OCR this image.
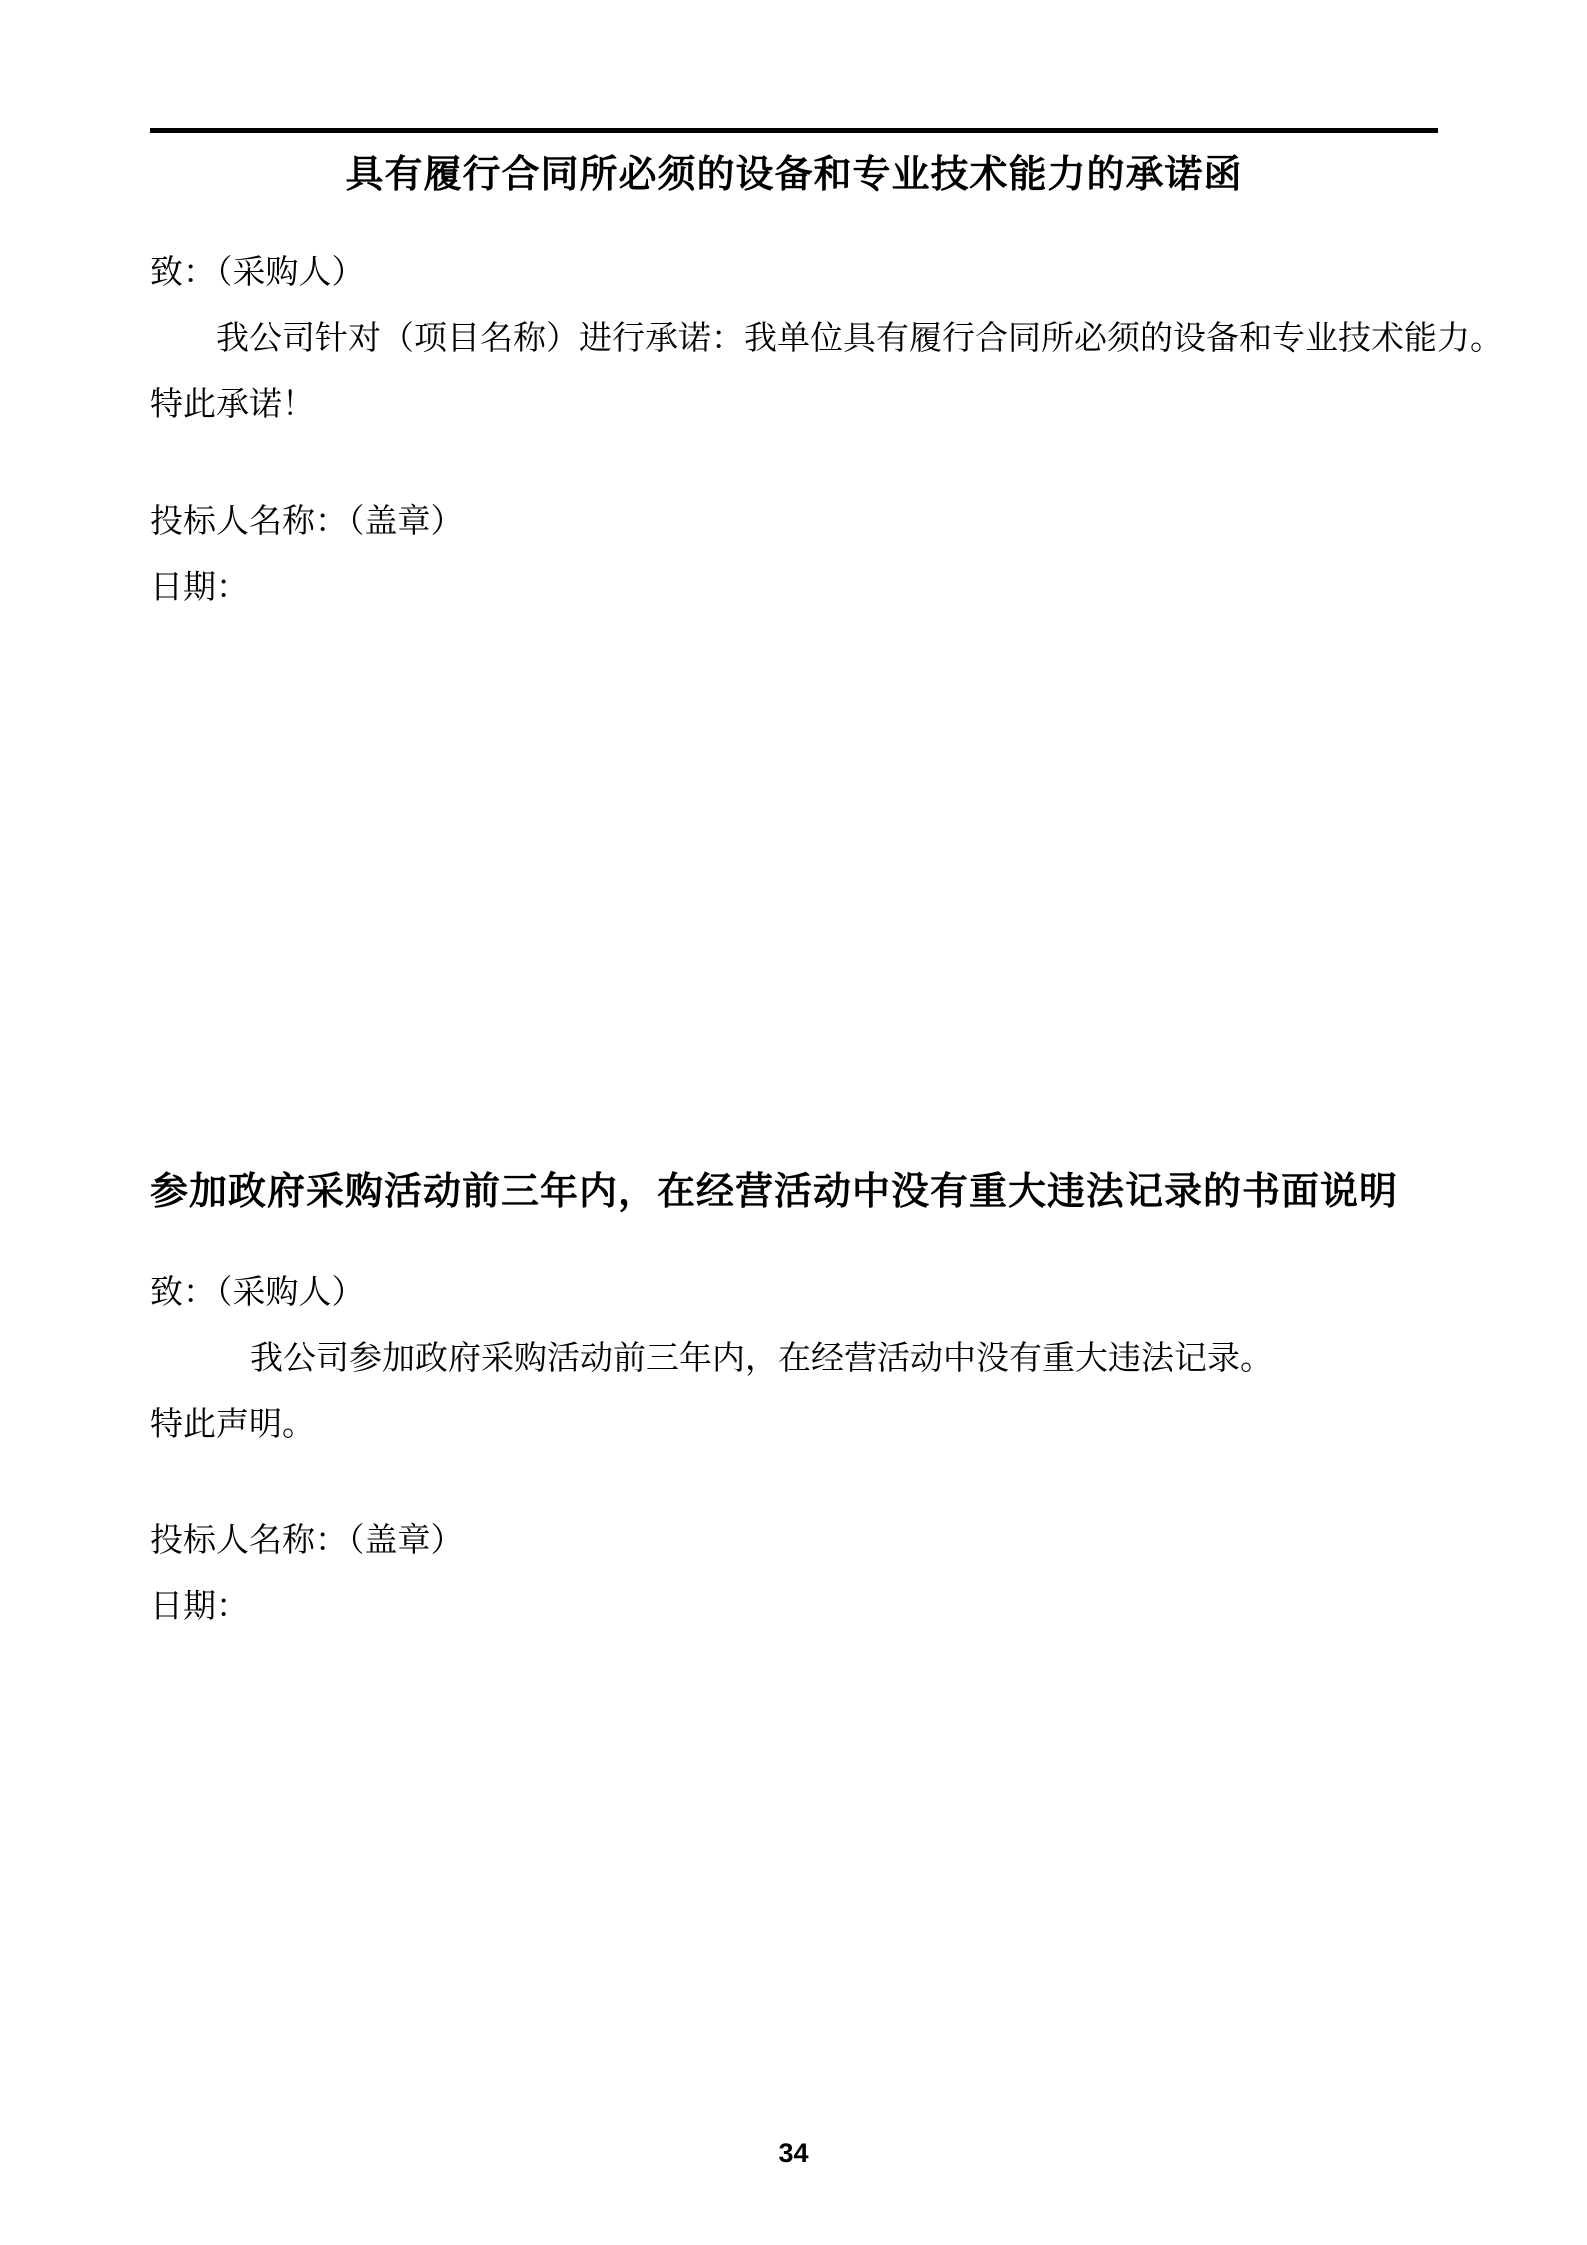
具有履行合同所必须的设备和专业技术能力的承诺函
致：（采购人）
我公司针对（项目名称）进行承诺：我单位具有履行合同所必须的设备和专业技术能力。
特此承诺！
投标人名称：（盖章）
日期：
参加政府采购活动前三年内，在经营活动中没有重大违法记录的书面说明
致：（采购人）
我公司参加政府采购活动前三年内，在经营活动中没有重大违法记录。
特此声明。
投标人名称：（盖章）
日期：
34
